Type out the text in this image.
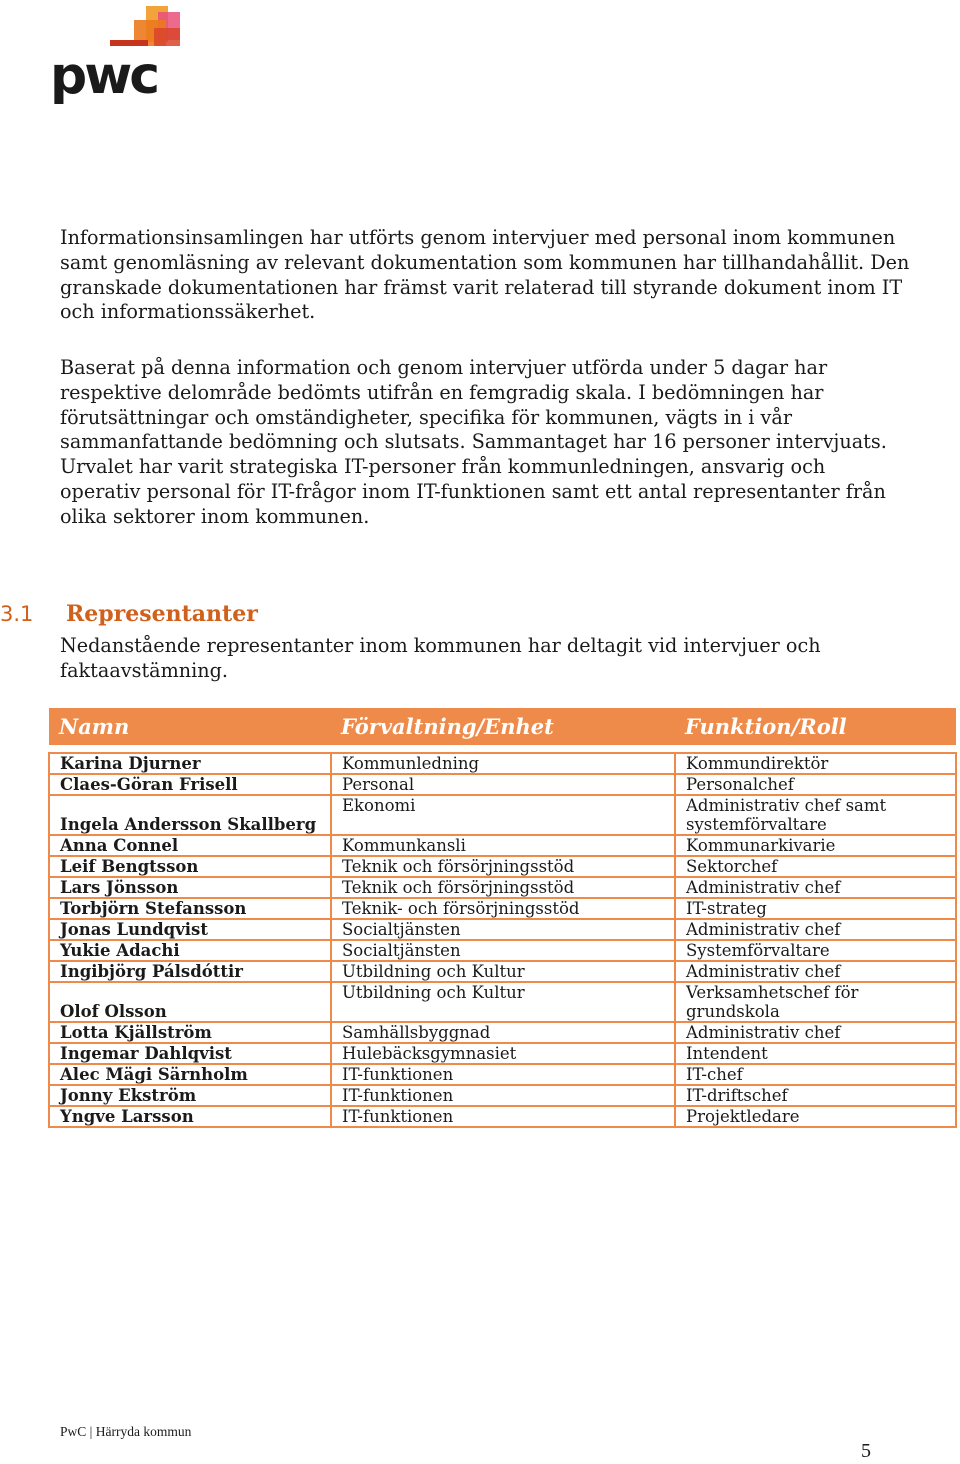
pwc

Informationsinsamlingen har utförts genom intervjuer med personal inom kommunen samt genomläsning av relevant dokumentation som kommunen har tillhandahållit. Den granskade dokumentationen har främst varit relaterad till styrande dokument inom IT och informationssäkerhet.

Baserat på denna information och genom intervjuer utförda under 5 dagar har respektive delområde bedömts utifrån en femgradig skala. I bedömningen har förutsättningar och omständigheter, specifika för kommunen, vägts in i vår sammanfattande bedömning och slutsats. Sammantaget har 16 personer intervjuats. Urvalet har varit strategiska IT-personer från kommunledningen, ansvarig och operativ personal för IT-frågor inom IT-funktionen samt ett antal representanter från olika sektorer inom kommunen.

3.1 Representanter

Nedanstående representanter inom kommunen har deltagit vid intervjuer och faktaavstämning.

Namn	Förvaltning/Enhet	Funktion/Roll

Karina Djurner	Kommunledning	Kommundirektör
Claes-Göran Frisell	Personal	Personalchef
Ingela Andersson Skallberg	Ekonomi	Administrativ chef samt systemförvaltare
Anna Connel	Kommunkansli	Kommunarkivarie
Leif Bengtsson	Teknik och försörjningsstöd	Sektorchef
Lars Jönsson	Teknik och försörjningsstöd	Administrativ chef
Torbjörn Stefansson	Teknik- och försörjningsstöd	IT-strateg
Jonas Lundqvist	Socialtjänsten	Administrativ chef
Yukie Adachi	Socialtjänsten	Systemförvaltare
Ingibjörg Pálsdóttir	Utbildning och Kultur	Administrativ chef
Olof Olsson	Utbildning och Kultur	Verksamhetschef för grundskola
Lotta Kjällström	Samhällsbyggnad	Administrativ chef
Ingemar Dahlqvist	Hulebäcksgymnasiet	Intendent
Alec Mägi Särnholm	IT-funktionen	IT-chef
Jonny Ekström	IT-funktionen	IT-driftschef
Yngve Larsson	IT-funktionen	Projektledare
PwC | Härryda kommun
5
